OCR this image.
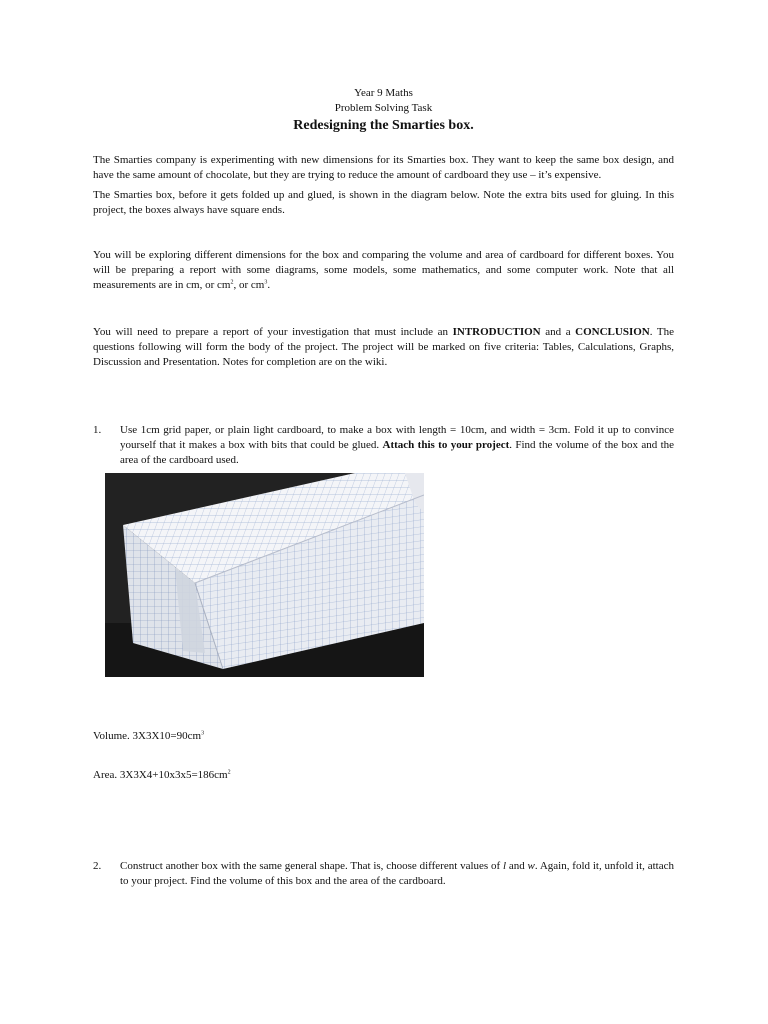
Year 9 Maths
Problem Solving Task
Redesigning the Smarties box.

The Smarties company is experimenting with new dimensions for its Smarties box. They want to keep the same box design, and have the same amount of chocolate, but they are trying to reduce the amount of cardboard they use – it’s expensive.

The Smarties box, before it gets folded up and glued, is shown in the diagram below. Note the extra bits used for gluing. In this project, the boxes always have square ends.

You will be exploring different dimensions for the box and comparing the volume and area of cardboard for different boxes. You will be preparing a report with some diagrams, some models, some mathematics, and some computer work. Note that all measurements are in cm, or $cm^2$, or $cm^3$.

You will need to prepare a report of your investigation that must include an INTRODUCTION and a CONCLUSION. The questions following will form the body of the project. The project will be marked on five criteria: Tables, Calculations, Graphs, Discussion and Presentation. Notes for completion are on the wiki.

1.	Use 1cm grid paper, or plain light cardboard, to make a box with length = 10cm, and width = 3cm. Fold it up to convince yourself that it makes a box with bits that could be glued. Attach this to your project. Find the volume of the box and the area of the cardboard used.
Volume. $3X3X10=90cm^3$
Area. $3X3X4+10x3x5=186cm^2$
2.	Construct another box with the same general shape. That is, choose different values of l and w. Again, fold it, unfold it, attach to your project. Find the volume of this box and the area of the cardboard.
